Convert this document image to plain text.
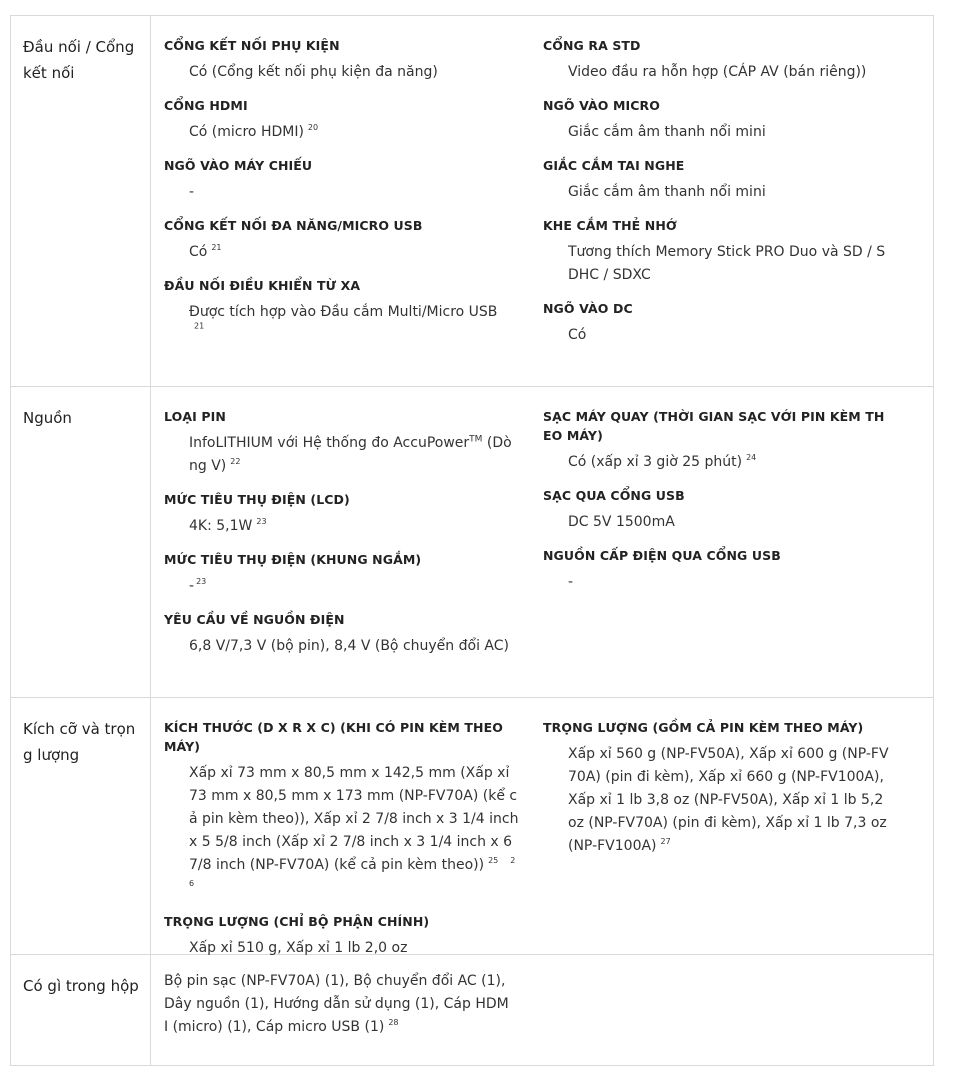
Đầu nối / Cổng kết nối
CỔNG KẾT NỐI PHỤ KIỆN
Có (Cổng kết nối phụ kiện đa năng)
CỔNG HDMI
Có (micro HDMI) $^{20}$
NGÕ VÀO MÁY CHIẾU
-
CỔNG KẾT NỐI ĐA NĂNG/MICRO USB
Có $^{21}$
ĐẦU NỐI ĐIỀU KHIỂN TỪ XA
Được tích hợp vào Đầu cắm Multi/Micro USB
$^{21}$
CỔNG RA STD
Video đầu ra hỗn hợp (CÁP AV (bán riêng))
NGÕ VÀO MICRO
Giắc cắm âm thanh nổi mini
GIẮC CẮM TAI NGHE
Giắc cắm âm thanh nổi mini
KHE CẮM THẺ NHỚ
Tương thích Memory Stick PRO Duo và SD / SDHC / SDXC
NGÕ VÀO DC
Có
Nguồn	LOẠI PIN
InfoLITHIUM với Hệ thống đo AccuPower™ (Dòng V) $^{22}$
MỨC TIÊU THỤ ĐIỆN (LCD)
4K: 5,1W $^{23}$
MỨC TIÊU THỤ ĐIỆN (KHUNG NGẮM)
- $^{23}$
YÊU CẦU VỀ NGUỒN ĐIỆN
6,8 V/7,3 V (bộ pin), 8,4 V (Bộ chuyển đổi AC)
SẠC MÁY QUAY (THỜI GIAN SẠC VỚI PIN KÈM THEO MÁY)
Có (xấp xỉ 3 giờ 25 phút) $^{24}$
SẠC QUA CỔNG USB
DC 5V 1500mA
NGUỒN CẤP ĐIỆN QUA CỔNG USB
-
Kích cỡ và trọng lượng
KÍCH THƯỚC (D X R X C) (KHI CÓ PIN KÈM THEO MÁY)
Xấp xỉ 73 mm x 80,5 mm x 142,5 mm (Xấp xỉ 73 mm x 80,5 mm x 173 mm (NP-FV70A) (kể cả pin kèm theo)), Xấp xỉ 2 7/8 inch x 3 1/4 inch x 5 5/8 inch (Xấp xỉ 2 7/8 inch x 3 1/4 inch x 6 7/8 inch (NP-FV70A) (kể cả pin kèm theo)) $^{25}$ $^{26}$
TRỌNG LƯỢNG (CHỈ BỘ PHẬN CHÍNH)
Xấp xỉ 510 g, Xấp xỉ 1 lb 2,0 oz
TRỌNG LƯỢNG (GỒM CẢ PIN KÈM THEO MÁY)
Xấp xỉ 560 g (NP-FV50A), Xấp xỉ 600 g (NP-FV70A) (pin đi kèm), Xấp xỉ 660 g (NP-FV100A), Xấp xỉ 1 lb 3,8 oz (NP-FV50A), Xấp xỉ 1 lb 5,2 oz (NP-FV70A) (pin đi kèm), Xấp xỉ 1 lb 7,3 oz (NP-FV100A) $^{27}$
Có gì trong hộp	Bộ pin sạc (NP-FV70A) (1), Bộ chuyển đổi AC (1), Dây nguồn (1), Hướng dẫn sử dụng (1), Cáp HDMI (micro) (1), Cáp micro USB (1) $^{28}$
